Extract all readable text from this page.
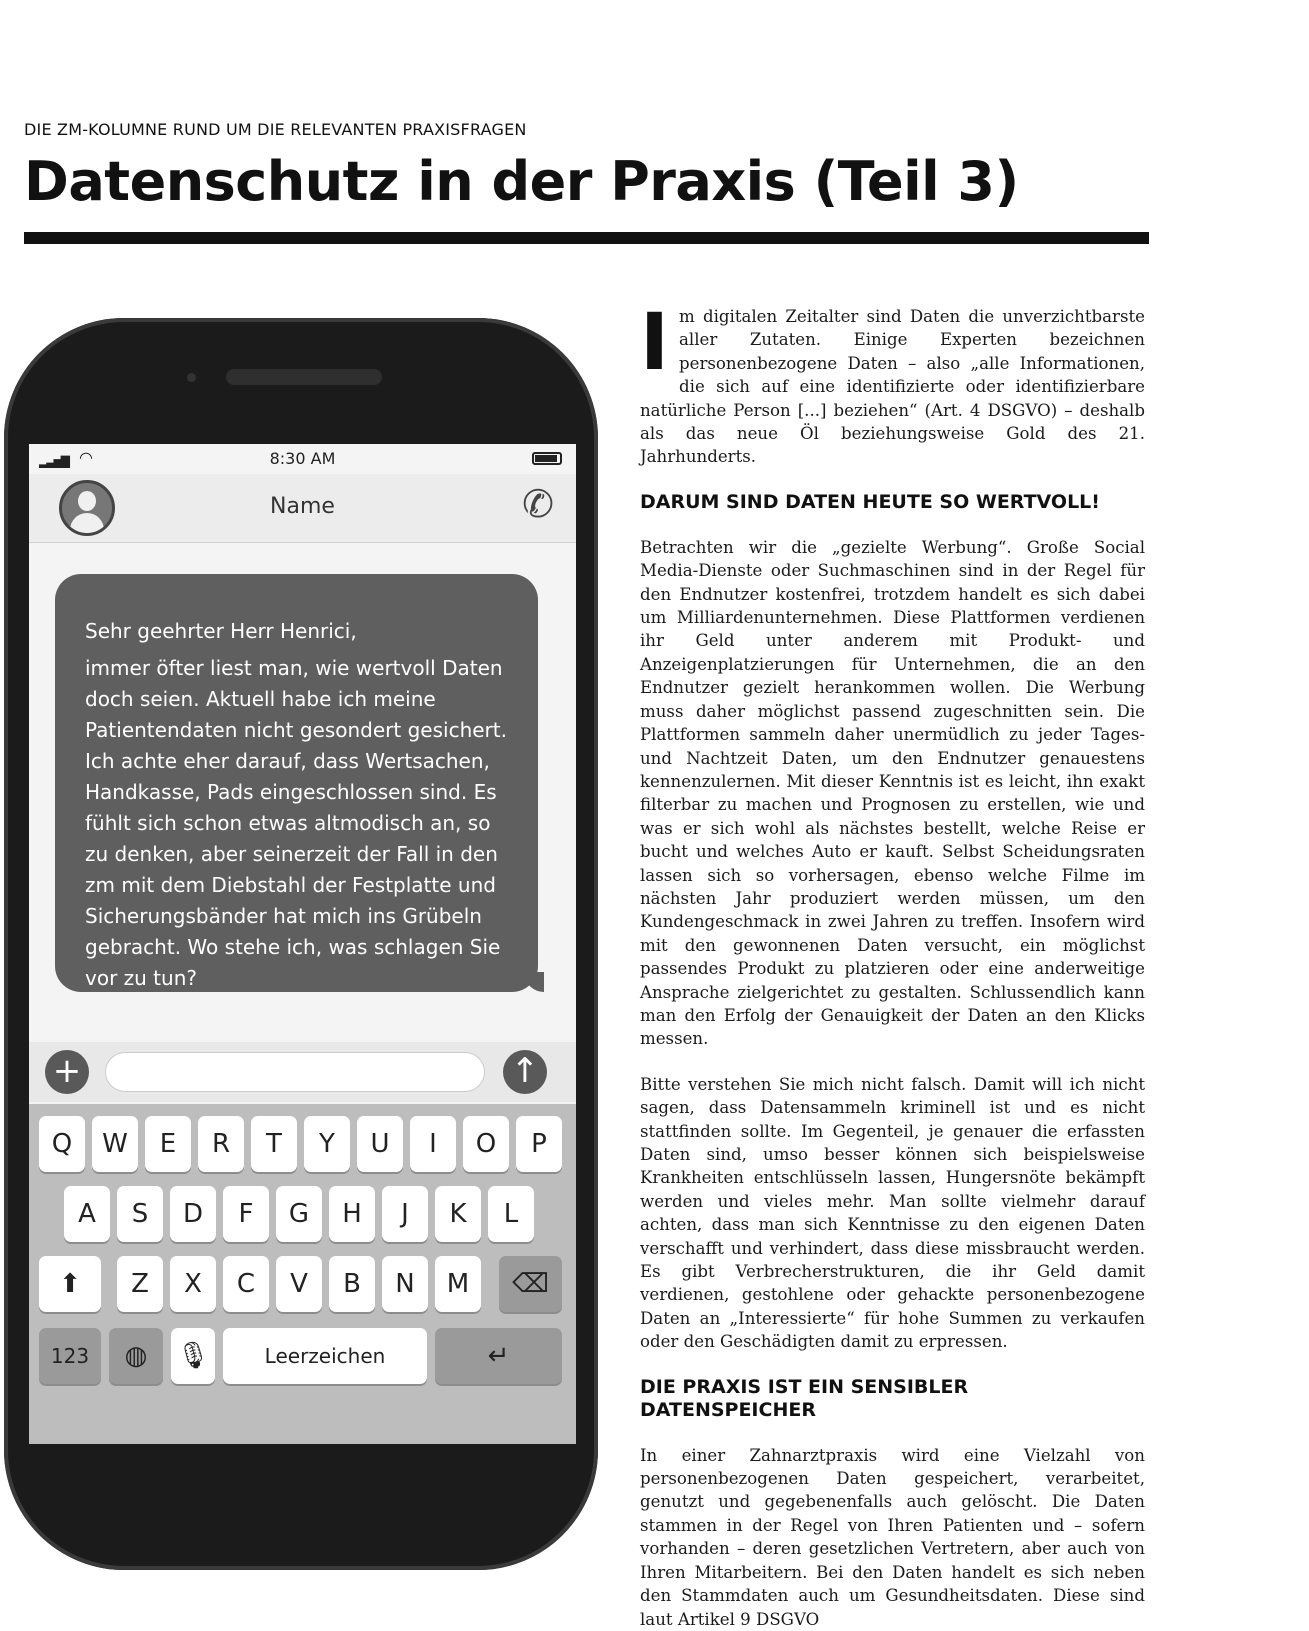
DIE ZM-KOLUMNE RUND UM DIE RELEVANTEN PRAXISFRAGEN
Datenschutz in der Praxis (Teil 3)
▂▃▅▇ ◠	8:30 AM
Name	✆

Sehr geehrter Herr Henrici,

immer öfter liest man, wie wertvoll Daten doch seien. Aktuell habe ich meine Patientendaten nicht gesondert gesichert. Ich achte eher darauf, dass Wertsachen, Handkasse, Pads eingeschlossen sind. Es fühlt sich schon etwas altmodisch an, so zu denken, aber seinerzeit der Fall in den zm mit dem Diebstahl der Festplatte und Sicherungsbänder hat mich ins Grübeln gebracht. Wo stehe ich, was schlagen Sie vor zu tun?

+	↑
Q	W	E	R	T	Y	U	I	O	P
A	S	D	F	G	H	J	K	L
⬆	Z	X	C	V	B	N	M	⌫
123	◍	🎙	Leerzeichen	↵

Im digitalen Zeitalter sind Daten die unverzichtbarste aller Zutaten. Einige Experten bezeichnen personenbezogene Daten – also „alle Informationen, die sich auf eine identifizierte oder identifizierbare natürliche Person [...] beziehen“ (Art. 4 DSGVO) – deshalb als das neue Öl beziehungsweise Gold des 21. Jahrhunderts.

DARUM SIND DATEN HEUTE SO WERTVOLL!

Betrachten wir die „gezielte Werbung“. Große Social Media-Dienste oder Suchmaschinen sind in der Regel für den Endnutzer kostenfrei, trotzdem handelt es sich dabei um Milliardenunternehmen. Diese Plattformen verdienen ihr Geld unter anderem mit Produkt- und Anzeigenplatzierungen für Unternehmen, die an den Endnutzer gezielt herankommen wollen. Die Werbung muss daher möglichst passend zugeschnitten sein. Die Plattformen sammeln daher unermüdlich zu jeder Tages- und Nachtzeit Daten, um den Endnutzer genauestens kennenzulernen. Mit dieser Kenntnis ist es leicht, ihn exakt filterbar zu machen und Prognosen zu erstellen, wie und was er sich wohl als nächstes bestellt, welche Reise er bucht und welches Auto er kauft. Selbst Scheidungsraten lassen sich so vorhersagen, ebenso welche Filme im nächsten Jahr produziert werden müssen, um den Kundengeschmack in zwei Jahren zu treffen. Insofern wird mit den gewonnenen Daten versucht, ein möglichst passendes Produkt zu platzieren oder eine anderweitige Ansprache zielgerichtet zu gestalten. Schlussendlich kann man den Erfolg der Genauigkeit der Daten an den Klicks messen.

Bitte verstehen Sie mich nicht falsch. Damit will ich nicht sagen, dass Datensammeln kriminell ist und es nicht stattfinden sollte. Im Gegenteil, je genauer die erfassten Daten sind, umso besser können sich beispielsweise Krankheiten entschlüsseln lassen, Hungersnöte bekämpft werden und vieles mehr. Man sollte vielmehr darauf achten, dass man sich Kenntnisse zu den eigenen Daten verschafft und verhindert, dass diese missbraucht werden. Es gibt Verbrecherstrukturen, die ihr Geld damit verdienen, gestohlene oder gehackte personenbezogene Daten an „Interessierte“ für hohe Summen zu verkaufen oder den Geschädigten damit zu erpressen.

DIE PRAXIS IST EIN SENSIBLER
DATENSPEICHER

In einer Zahnarztpraxis wird eine Vielzahl von personenbezogenen Daten gespeichert, verarbeitet, genutzt und gegebenenfalls auch gelöscht. Die Daten stammen in der Regel von Ihren Patienten und – sofern vorhanden – deren gesetzlichen Vertretern, aber auch von Ihren Mitarbeitern. Bei den Daten handelt es sich neben den Stammdaten auch um Gesundheitsdaten. Diese sind laut Artikel 9 DSGVO
